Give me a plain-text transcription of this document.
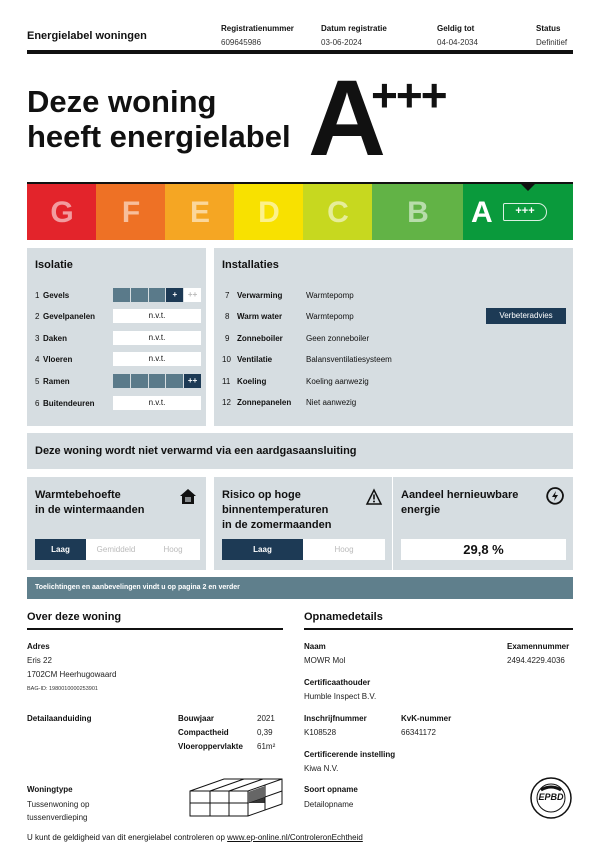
Energielabel woningen
Registratienummer
609645986
Datum registratie
03-06-2024
Geldig tot
04-04-2034
Status
Definitief
Deze woning
heeft energielabel A
+++
G	F	E	D	C	B	A	+++
Isolatie
1 Gevels	+	++
2 Gevelpanelen	n.v.t.
3 Daken	n.v.t.
4 Vloeren	n.v.t.
5 Ramen	++
6 Buitendeuren	n.v.t.
Installaties
7 Verwarming	Warmtepomp
8 Warm water	Warmtepomp	Verbeteradvies
9 Zonneboiler	Geen zonneboiler
10 Ventilatie	Balansventilatiesysteem
11 Koeling	Koeling aanwezig
12 Zonnepanelen Niet aanwezig
Deze woning wordt niet verwarmd via een aardgasaansluiting
Warmtebehoefte
in de wintermaanden
Laag	Gemiddeld	Hoog
Risico op hoge
binnentemperaturen
in de zomermaanden
Laag	Hoog
Aandeel hernieuwbare
energie
29,8 %
Toelichtingen en aanbevelingen vindt u op pagina 2 en verder
Over deze woning
Adres
Eris 22
1702CM Heerhugowaard
BAG-ID: 1980010000253901
Detailaanduiding	Bouwjaar	2021
Compactheid	0,39
Vloeroppervlakte 61m²
Woningtype
Tussenwoning op
tussenverdieping
Opnamedetails
Naam
MOWR Mol
Examennummer
2494.4229.4036
Certificaathouder
Humble Inspect B.V.
Inschrijfnummer
K108528
KvK-nummer
66341172
Certificerende instelling
Kiwa N.V.
Soort opname
Detailopname
EPBD
U kunt de geldigheid van dit energielabel controleren op www.ep-online.nl/ControleronEchtheid
